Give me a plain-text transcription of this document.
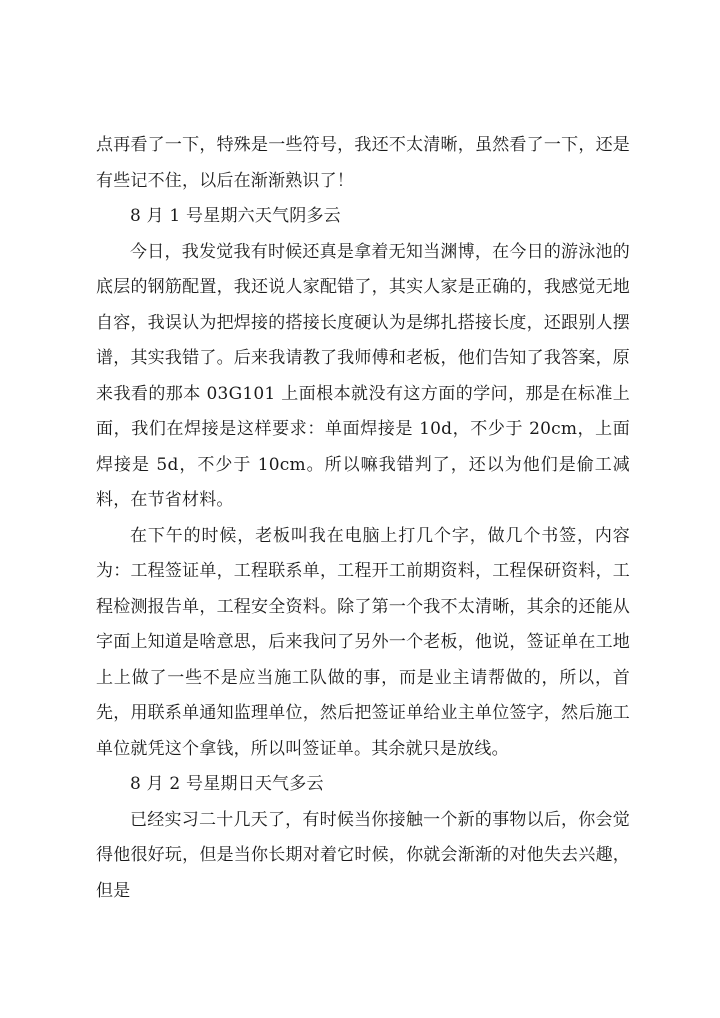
点再看了一下，特殊是一些符号，我还不太清晰，虽然看了一下，还是有些记不住，以后在渐渐熟识了！

8 月 1 号星期六天气阴多云

今日，我发觉我有时候还真是拿着无知当渊博，在今日的游泳池的底层的钢筋配置，我还说人家配错了，其实人家是正确的，我感觉无地自容，我误认为把焊接的搭接长度硬认为是绑扎搭接长度，还跟别人摆谱，其实我错了。后来我请教了我师傅和老板，他们告知了我答案，原来我看的那本 03G101 上面根本就没有这方面的学问，那是在标准上面，我们在焊接是这样要求：单面焊接是 10d，不少于 20cm，上面焊接是 5d，不少于 10cm。所以嘛我错判了，还以为他们是偷工减料，在节省材料。

在下午的时候，老板叫我在电脑上打几个字，做几个书签，内容为：工程签证单，工程联系单，工程开工前期资料，工程保研资料，工程检测报告单，工程安全资料。除了第一个我不太清晰，其余的还能从字面上知道是啥意思，后来我问了另外一个老板，他说，签证单在工地上上做了一些不是应当施工队做的事，而是业主请帮做的，所以，首先，用联系单通知监理单位，然后把签证单给业主单位签字，然后施工单位就凭这个拿钱，所以叫签证单。其余就只是放线。

8 月 2 号星期日天气多云

已经实习二十几天了，有时候当你接触一个新的事物以后，你会觉得他很好玩，但是当你长期对着它时候，你就会渐渐的对他失去兴趣，但是
